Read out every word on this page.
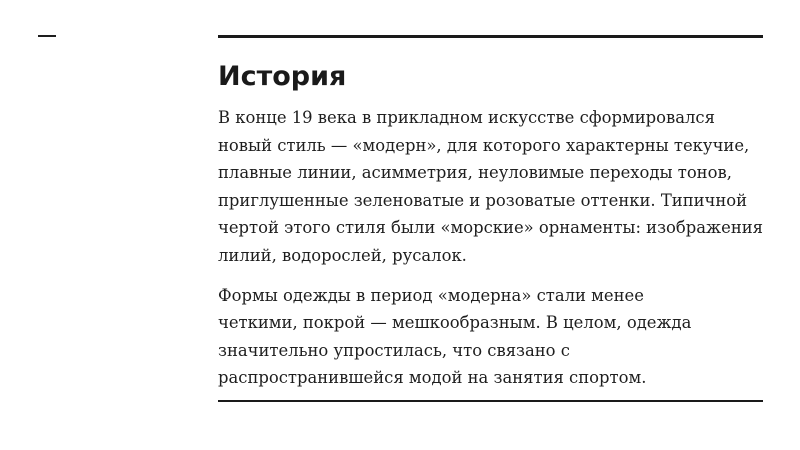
История

В конце 19 века в прикладном искусстве сформировался новый стиль — «модерн», для которого характерны текучие, плавные линии, асимметрия, неуловимые переходы тонов, приглушенные зеленоватые и розоватые оттенки. Типичной чертой этого стиля были «морские» орнаменты: изображения лилий, водорослей, русалок.

Формы одежды в период «модерна» стали менее
четкими, покрой — мешкообразным. В целом, одежда
значительно упростилась, что связано с
распространившейся модой на занятия спортом.
